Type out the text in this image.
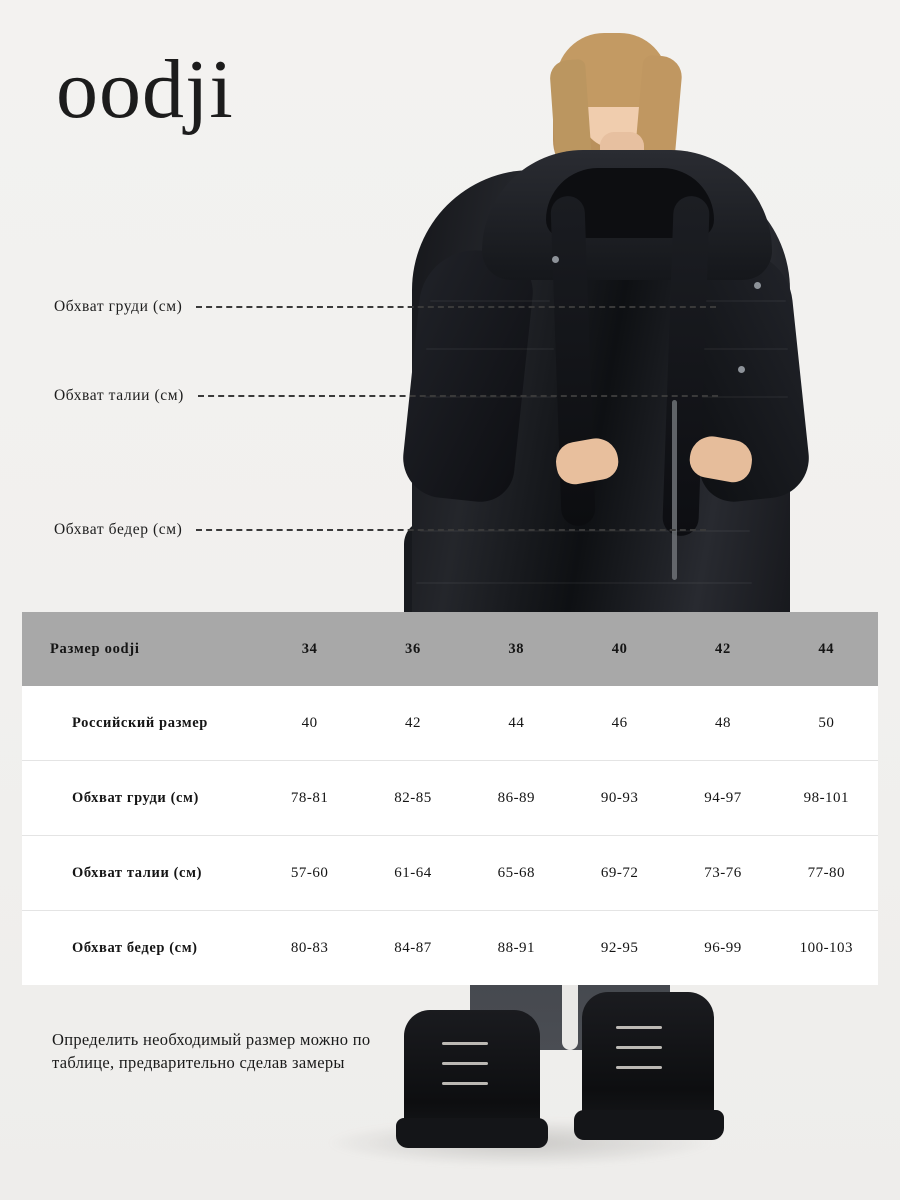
oodji
Обхват груди (см)
Обхват талии (см)
Обхват бедер (см)
Размер oodji	34	36	38	40	42	44
Российский размер	40	42	44	46	48	50
Обхват груди (см)	78-81	82-85	86-89	90-93	94-97	98-101
Обхват талии (см)	57-60	61-64	65-68	69-72	73-76	77-80
Обхват бедер (см)	80-83	84-87	88-91	92-95	96-99	100-103
Определить необходимый размер можно по таблице, предварительно сделав замеры
